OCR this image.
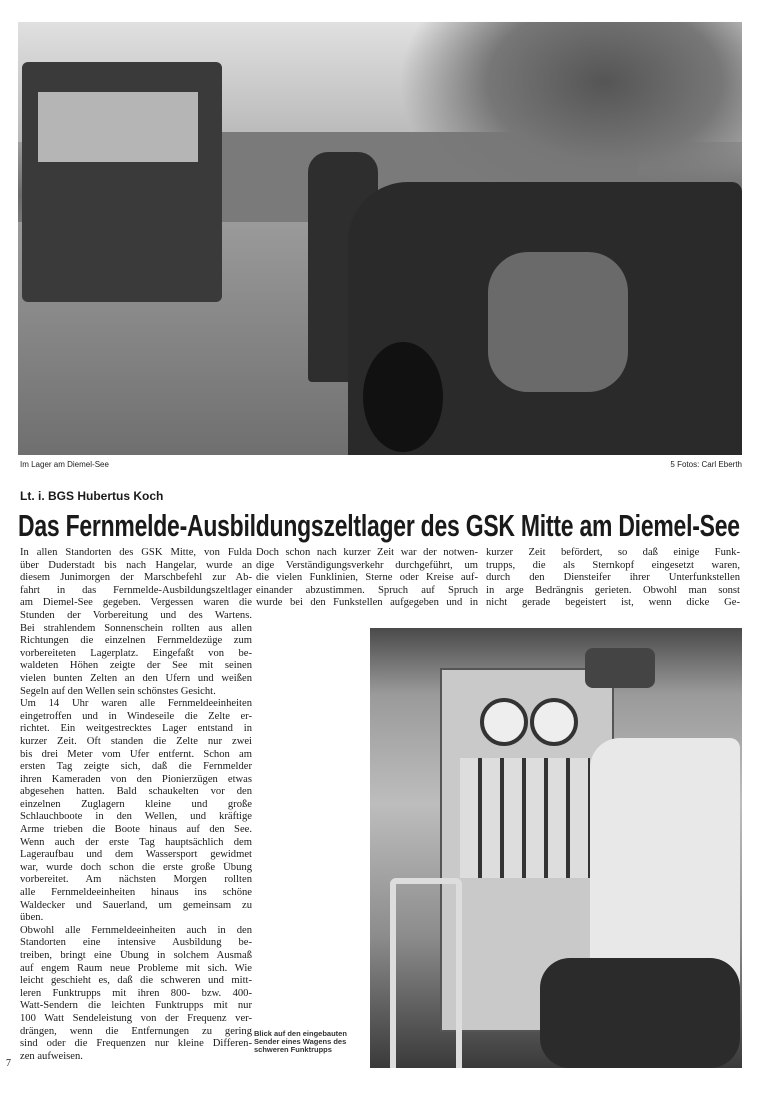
Im Lager am Diemel-See	5 Fotos: Carl Eberth
Lt. i. BGS Hubertus Koch
Das Fernmelde-Ausbildungszeltlager des GSK Mitte am Diemel-See
In allen Standorten des GSK Mitte, von Fulda
über Duderstadt bis nach Hangelar, wurde an
diesem Junimorgen der Marschbefehl zur Ab-
fahrt in das Fernmelde-Ausbildungszeltlager
am Diemel-See gegeben. Vergessen waren die
Stunden der Vorbereitung und des Wartens.
Bei strahlendem Sonnenschein rollten aus allen
Richtungen die einzelnen Fernmeldezüge zum
vorbereiteten Lagerplatz. Eingefaßt von be-
waldeten Höhen zeigte der See mit seinen
vielen bunten Zelten an den Ufern und weißen
Segeln auf den Wellen sein schönstes Gesicht.
Um 14 Uhr waren alle Fernmeldeeinheiten
eingetroffen und in Windeseile die Zelte er-
richtet. Ein weitgestrecktes Lager entstand in
kurzer Zeit. Oft standen die Zelte nur zwei
bis drei Meter vom Ufer entfernt. Schon am
ersten Tag zeigte sich, daß die Fernmelder
ihren Kameraden von den Pionierzügen etwas
abgesehen hatten. Bald schaukelten vor den
einzelnen Zuglagern kleine und große
Schlauchboote in den Wellen, und kräftige
Arme trieben die Boote hinaus auf den See.
Wenn auch der erste Tag hauptsächlich dem
Lageraufbau und dem Wassersport gewidmet
war, wurde doch schon die erste große Übung
vorbereitet. Am nächsten Morgen rollten
alle Fernmeldeeinheiten hinaus ins schöne
Waldecker und Sauerland, um gemeinsam zu
üben.
Obwohl alle Fernmeldeeinheiten auch in den
Standorten eine intensive Ausbildung be-
treiben, bringt eine Übung in solchem Ausmaß
auf engem Raum neue Probleme mit sich. Wie
leicht geschieht es, daß die schweren und mitt-
leren Funktrupps mit ihren 800- bzw. 400-
Watt-Sendern die leichten Funktrupps mit nur
100 Watt Sendeleistung von der Frequenz ver-
drängen, wenn die Entfernungen zu gering
sind oder die Frequenzen nur kleine Differen-
zen aufweisen.
Doch schon nach kurzer Zeit war der notwen-
dige Verständigungsverkehr durchgeführt, um
die vielen Funklinien, Sterne oder Kreise auf-
einander abzustimmen. Spruch auf Spruch
wurde bei den Funkstellen aufgegeben und in
kurzer Zeit befördert, so daß einige Funk-
trupps, die als Sternkopf eingesetzt waren,
durch den Diensteifer ihrer Unterfunkstellen
in arge Bedrängnis gerieten. Obwohl man sonst
nicht gerade begeistert ist, wenn dicke Ge-
Blick auf den eingebauten Sender eines Wagens des schweren Funktrupps
7
